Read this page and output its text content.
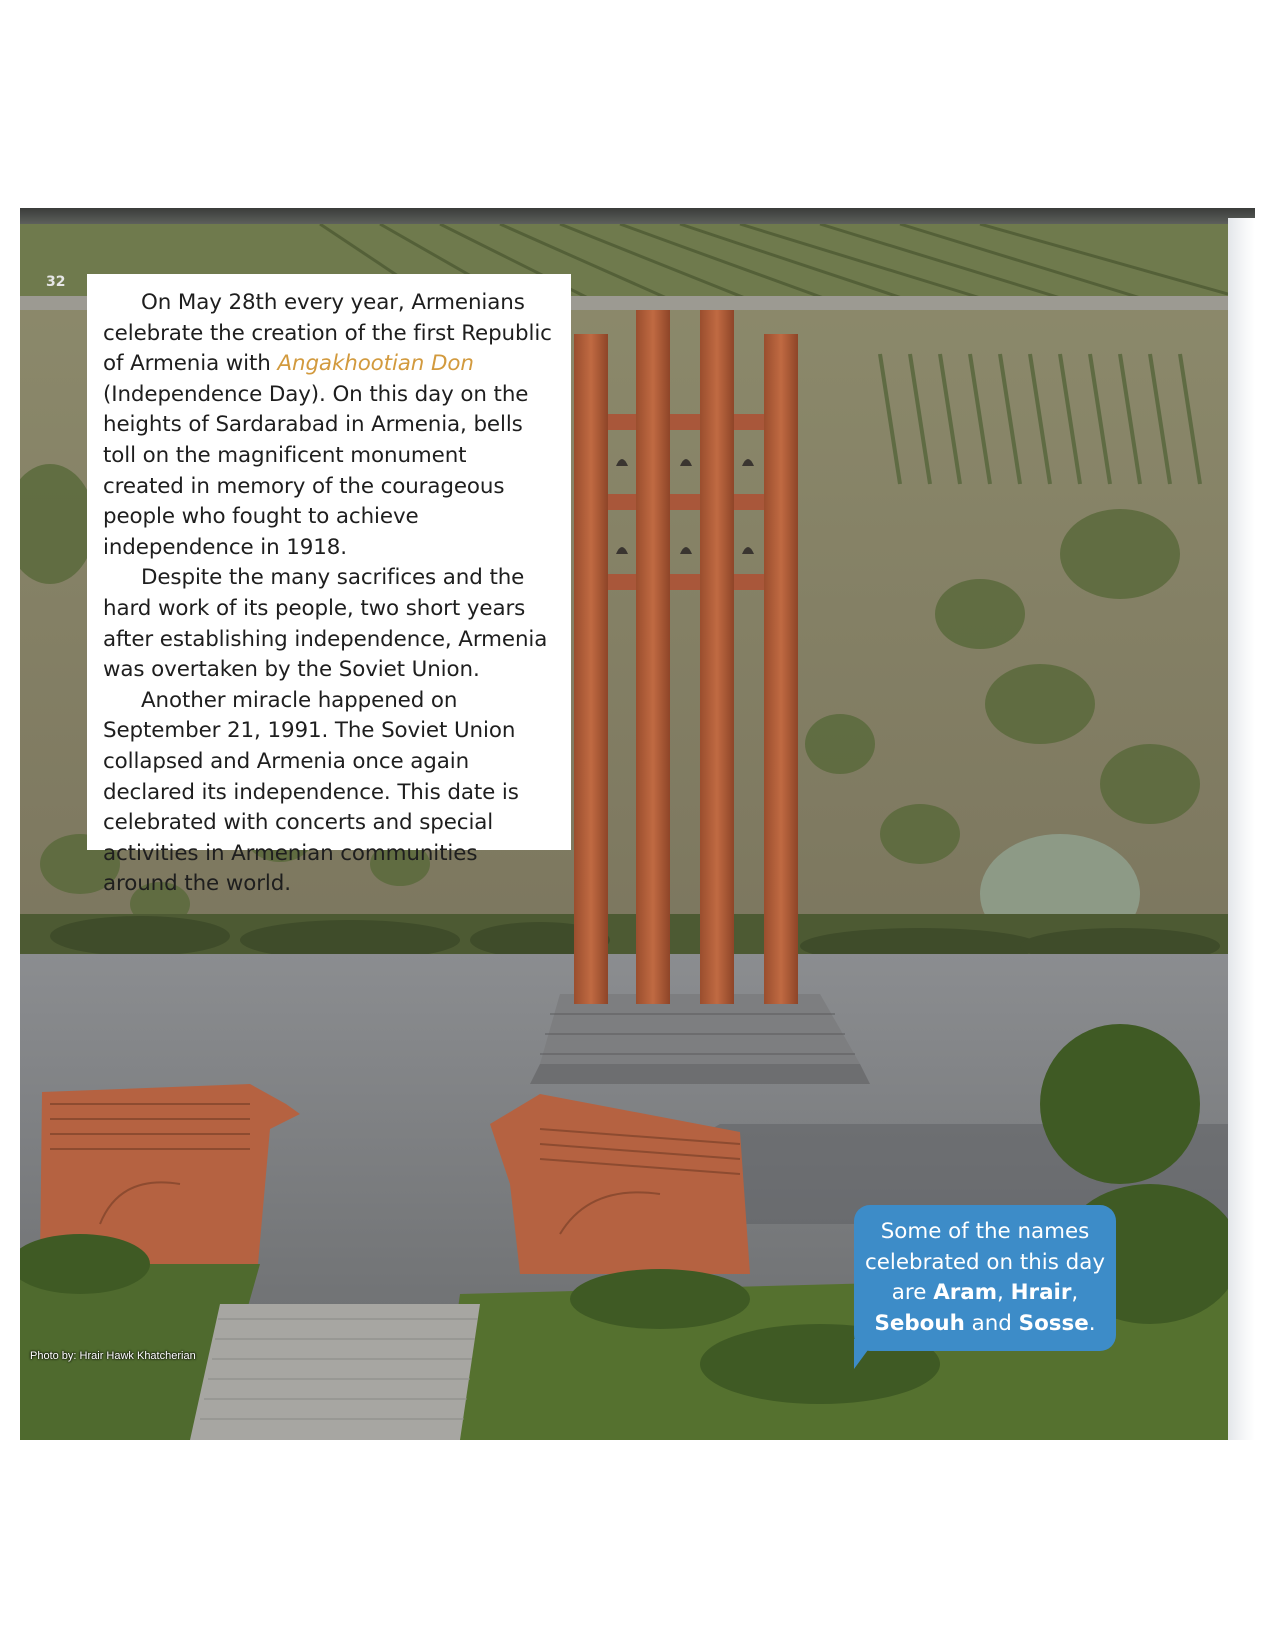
32

On May 28th every year, Armenians celebrate the creation of the first Republic of Armenia with Angakhootian Don (Independence Day). On this day on the heights of Sardarabad in Armenia, bells toll on the magnificent monument created in memory of the courageous people who fought to achieve independence in 1918.

Despite the many sacrifices and the hard work of its people, two short years after establishing independence, Armenia was overtaken by the Soviet Union.

Another miracle happened on September 21, 1991. The Soviet Union collapsed and Armenia once again declared its independence. This date is celebrated with concerts and special activities in Armenian communities around the world.

Some of the names celebrated on this day are Aram, Hrair, Sebouh and Sosse.
Photo by: Hrair Hawk Khatcherian
